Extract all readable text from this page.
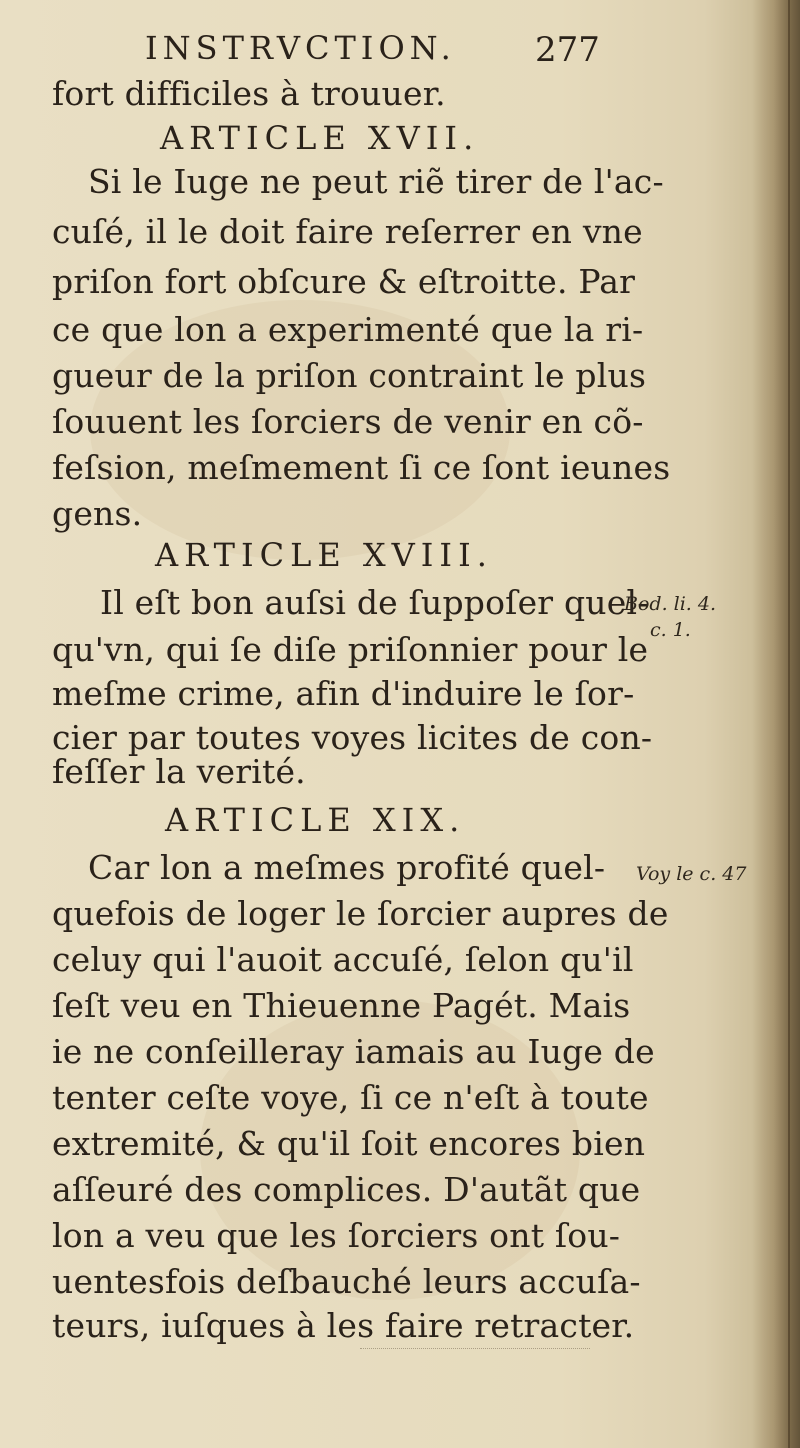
INSTRVCTION. 277
fort difficiles à trouuer.
ARTICLE XVII.
Si le Iuge ne peut riẽ tirer de l'ac-
cuſé, il le doit faire reſerrer en vne
priſon fort obſcure & eſtroitte. Par
ce que lon a experimenté que la ri-
gueur de la priſon contraint le plus
ſouuent les ſorciers de venir en cõ-
feſsion, meſmement ſi ce ſont ieunes
gens.
ARTICLE XVIII.
Il eſt bon auſsi de ſuppoſer quel-
qu'vn, qui ſe diſe priſonnier pour le
meſme crime, afin d'induire le ſor-
cier par toutes voyes licites de con-
feſſer la verité.
ARTICLE XIX.
Car lon a meſmes profité quel-
quefois de loger le ſorcier aupres de
celuy qui l'auoit accuſé, ſelon qu'il
ſeſt veu en Thieuenne Pagét. Mais
ie ne conſeilleray iamais au Iuge de
tenter ceſte voye, ſi ce n'eſt à toute
extremité, & qu'il ſoit encores bien
aſſeuré des complices. D'autãt que
lon a veu que les ſorciers ont ſou-
uentesfois deſbauché leurs accuſa-
teurs, iuſques à les faire retracter.
Bod. li. 4.
c. 1.
Voy le c. 47
